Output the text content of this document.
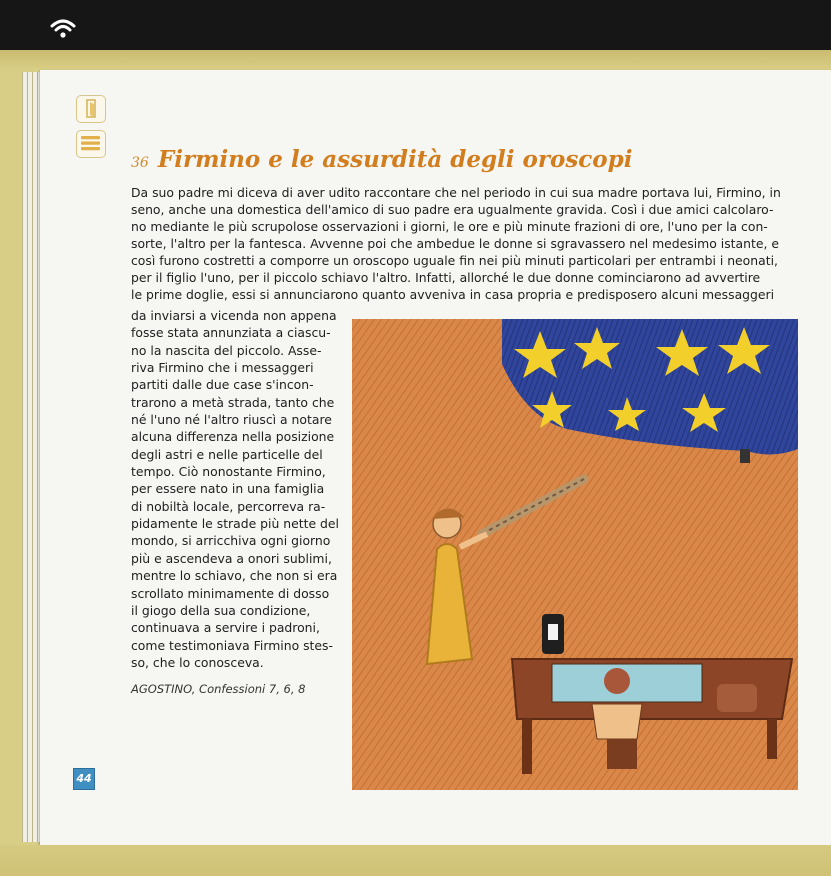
36 Firmino e le assurdità degli oroscopi
Da suo padre mi diceva di aver udito raccontare che nel periodo in cui sua madre portava lui, Firmino, in
seno, anche una domestica dell'amico di suo padre era ugualmente gravida. Così i due amici calcolaro-
no mediante le più scrupolose osservazioni i giorni, le ore e più minute frazioni di ore, l'uno per la con-
sorte, l'altro per la fantesca. Avvenne poi che ambedue le donne si sgravassero nel medesimo istante, e
così furono costretti a comporre un oroscopo uguale fin nei più minuti particolari per entrambi i neonati,
per il figlio l'uno, per il piccolo schiavo l'altro. Infatti, allorché le due donne cominciarono ad avvertire
le prime doglie, essi si annunciarono quanto avveniva in casa propria e predisposero alcuni messaggeri
da inviarsi a vicenda non appena
fosse stata annunziata a ciascu-
no la nascita del piccolo. Asse-
riva Firmino che i messaggeri
partiti dalle due case s'incon-
trarono a metà strada, tanto che
né l'uno né l'altro riuscì a notare
alcuna differenza nella posizione
degli astri e nelle particelle del
tempo. Ciò nonostante Firmino,
per essere nato in una famiglia
di nobiltà locale, percorreva ra-
pidamente le strade più nette del
mondo, si arricchiva ogni giorno
più e ascendeva a onori sublimi,
mentre lo schiavo, che non si era
scrollato minimamente di dosso
il giogo della sua condizione,
continuava a servire i padroni,
come testimoniava Firmino stes-
so, che lo conosceva.
AGOSTINO, Confessioni 7, 6, 8
44
